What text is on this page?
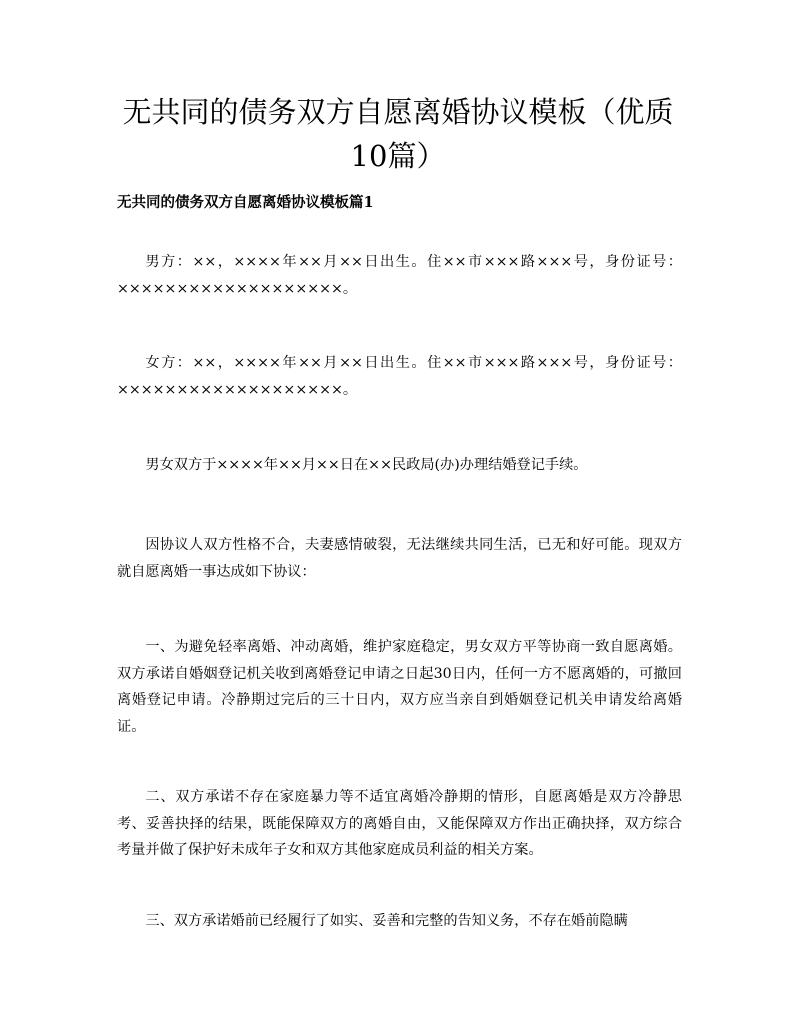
无共同的债务双方自愿离婚协议模板（优质
10篇）
无共同的债务双方自愿离婚协议模板篇1

男方：××，××××年××月××日出生。住××市×××路×××号，身份证号：×××××××××××××××××××。

女方：××，××××年××月××日出生。住××市×××路×××号，身份证号：×××××××××××××××××××。

男女双方于××××年××月××日在××民政局(办)办理结婚登记手续。

因协议人双方性格不合，夫妻感情破裂，无法继续共同生活，已无和好可能。现双方就自愿离婚一事达成如下协议：

一、为避免轻率离婚、冲动离婚，维护家庭稳定，男女双方平等协商一致自愿离婚。双方承诺自婚姻登记机关收到离婚登记申请之日起30日内，任何一方不愿离婚的，可撤回离婚登记申请。冷静期过完后的三十日内，双方应当亲自到婚姻登记机关申请发给离婚证。

二、双方承诺不存在家庭暴力等不适宜离婚冷静期的情形，自愿离婚是双方冷静思考、妥善抉择的结果，既能保障双方的离婚自由，又能保障双方作出正确抉择，双方综合考量并做了保护好未成年子女和双方其他家庭成员利益的相关方案。

三、双方承诺婚前已经履行了如实、妥善和完整的告知义务，不存在婚前隐瞒
